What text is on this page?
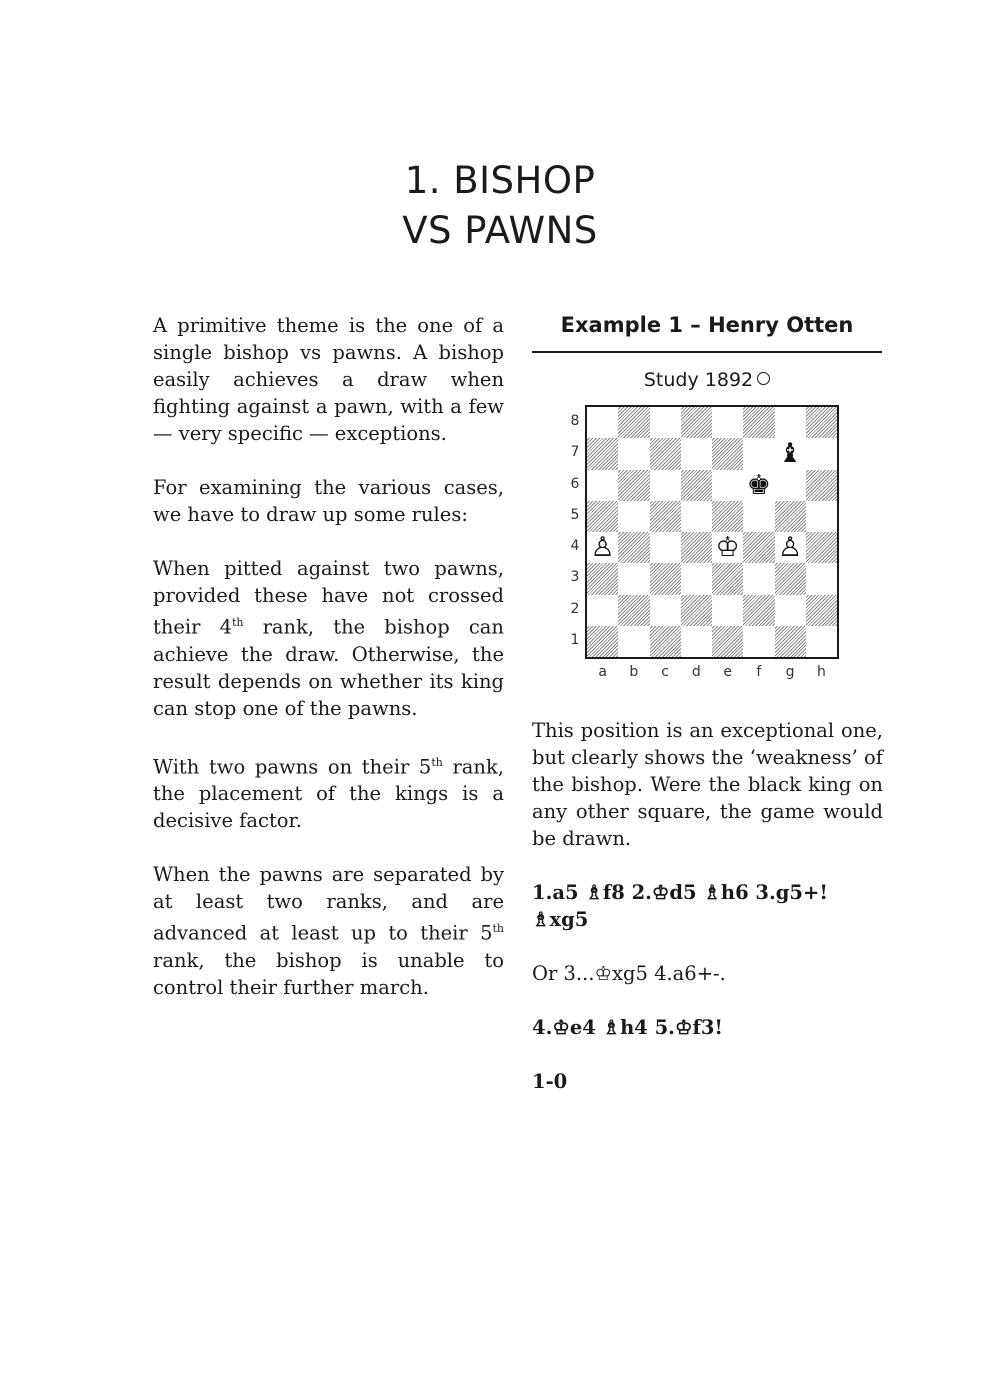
1. BISHOP
VS PAWNS

A primitive theme is the one of a single bishop vs pawns. A bishop easily achieves a draw when fighting against a pawn, with a few — very specific — exceptions.

For examining the various cases, we have to draw up some rules:

When pitted against two pawns, provided these have not crossed their 4th rank, the bishop can achieve the draw. Otherwise, the result depends on whether its king can stop one of the pawns.

With two pawns on their 5th rank, the placement of the kings is a decisive factor.

When the pawns are separated by at least two ranks, and are advanced at least up to their 5th rank, the bishop is unable to control their further march.

Example 1 – Henry Otten
Study 1892
♝
♚
♙	♔ ♙
8
7
6
5
4
3
2
1
a	b	c	d	e	f	g	h

This position is an exceptional one, but clearly shows the ‘weakness’ of the bishop. Were the black king on any other square, the game would be drawn.

1.a5 ♗f8 2.♔d5 ♗h6 3.g5+! ♗xg5

Or 3...♔xg5 4.a6+-.

4.♔e4 ♗h4 5.♔f3!

1-0
